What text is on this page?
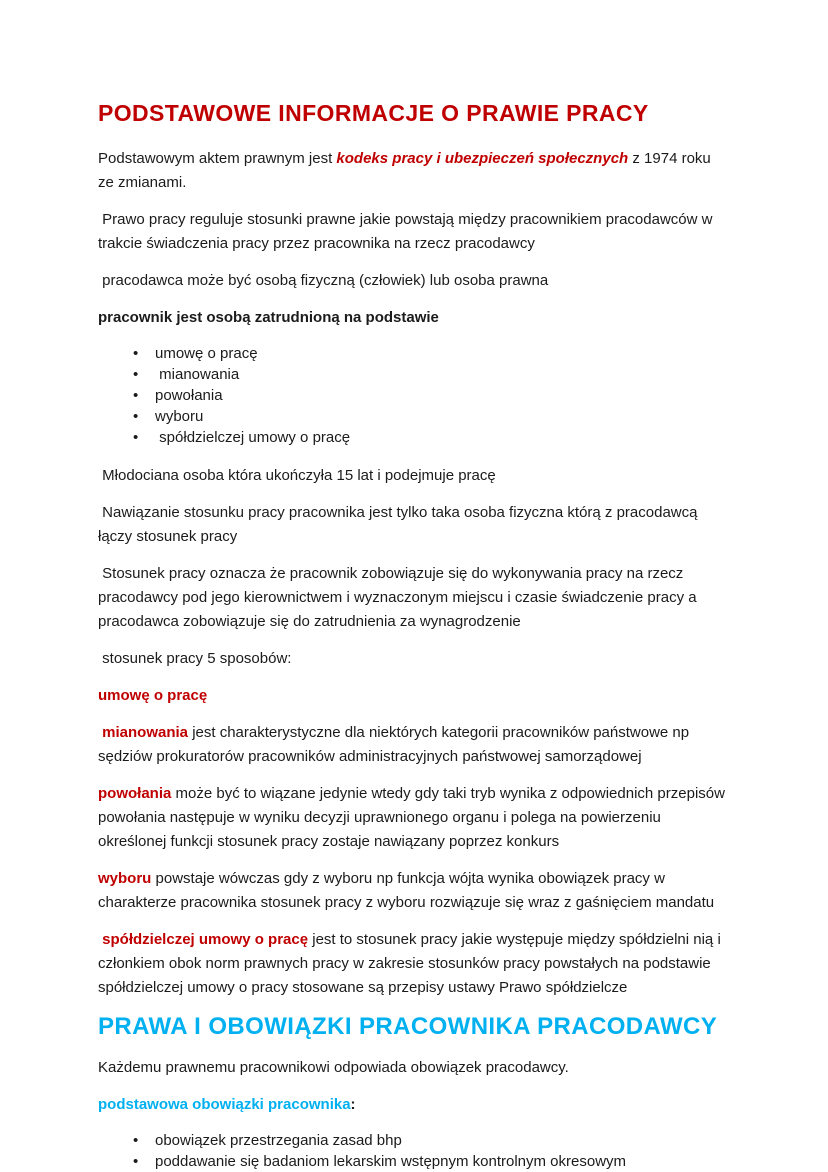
PODSTAWOWE INFORMACJE O PRAWIE PRACY

Podstawowym aktem prawnym jest kodeks pracy i ubezpieczeń społecznych z 1974 roku ze zmianami.

Prawo pracy reguluje stosunki prawne jakie powstają między pracownikiem pracodawców w trakcie świadczenia pracy przez pracownika na rzecz pracodawcy

pracodawca może być osobą fizyczną (człowiek) lub osoba prawna

pracownik jest osobą zatrudnioną na podstawie

• umowę o pracę
•  mianowania
• powołania
• wyboru
•  spółdzielczej umowy o pracę

Młodociana osoba która ukończyła 15 lat i podejmuje pracę

Nawiązanie stosunku pracy pracownika jest tylko taka osoba fizyczna którą z pracodawcą łączy stosunek pracy

Stosunek pracy oznacza że pracownik zobowiązuje się do wykonywania pracy na rzecz pracodawcy pod jego kierownictwem i wyznaczonym miejscu i czasie świadczenie pracy a pracodawca zobowiązuje się do zatrudnienia za wynagrodzenie

stosunek pracy 5 sposobów:

umowę o pracę

mianowania jest charakterystyczne dla niektórych kategorii pracowników państwowe np sędziów prokuratorów pracowników administracyjnych państwowej samorządowej

powołania może być to wiązane jedynie wtedy gdy taki tryb wynika z odpowiednich przepisów powołania następuje w wyniku decyzji uprawnionego organu i polega na powierzeniu określonej funkcji stosunek pracy zostaje nawiązany poprzez konkurs

wyboru powstaje wówczas gdy z wyboru np funkcja wójta wynika obowiązek pracy w charakterze pracownika stosunek pracy z wyboru rozwiązuje się wraz z gaśnięciem mandatu

spółdzielczej umowy o pracę jest to stosunek pracy jakie występuje między spółdzielni nią i członkiem obok norm prawnych pracy w zakresie stosunków pracy powstałych na podstawie spółdzielczej umowy o pracy stosowane są przepisy ustawy Prawo spółdzielcze

PRAWA I OBOWIĄZKI PRACOWNIKA PRACODAWCY

Każdemu prawnemu pracownikowi odpowiada obowiązek pracodawcy.

podstawowa obowiązki pracownika:

• obowiązek przestrzegania zasad bhp
• poddawanie się badaniom lekarskim wstępnym kontrolnym okresowym
